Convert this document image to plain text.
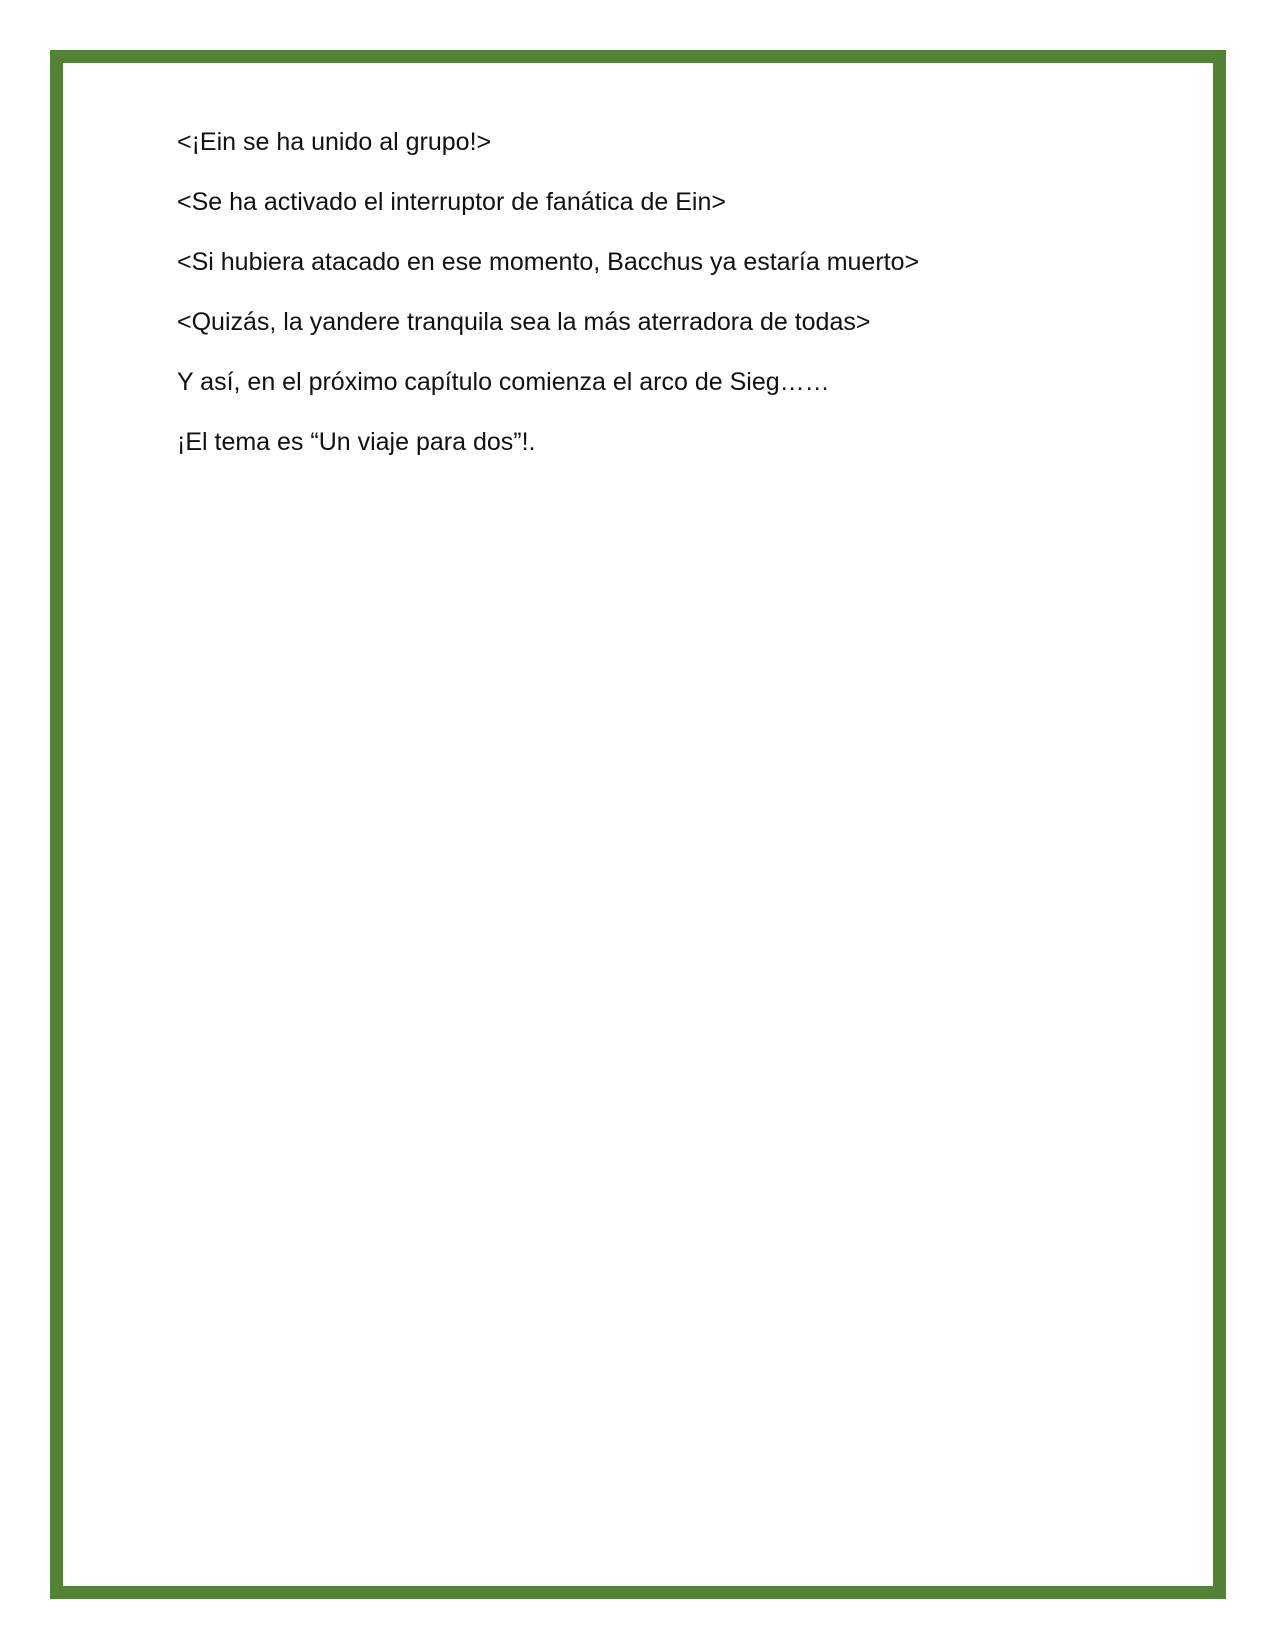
<¡Ein se ha unido al grupo!>

<Se ha activado el interruptor de fanática de Ein>

<Si hubiera atacado en ese momento, Bacchus ya estaría muerto>

<Quizás, la yandere tranquila sea la más aterradora de todas>

Y así, en el próximo capítulo comienza el arco de Sieg……

¡El tema es “Un viaje para dos”!.
